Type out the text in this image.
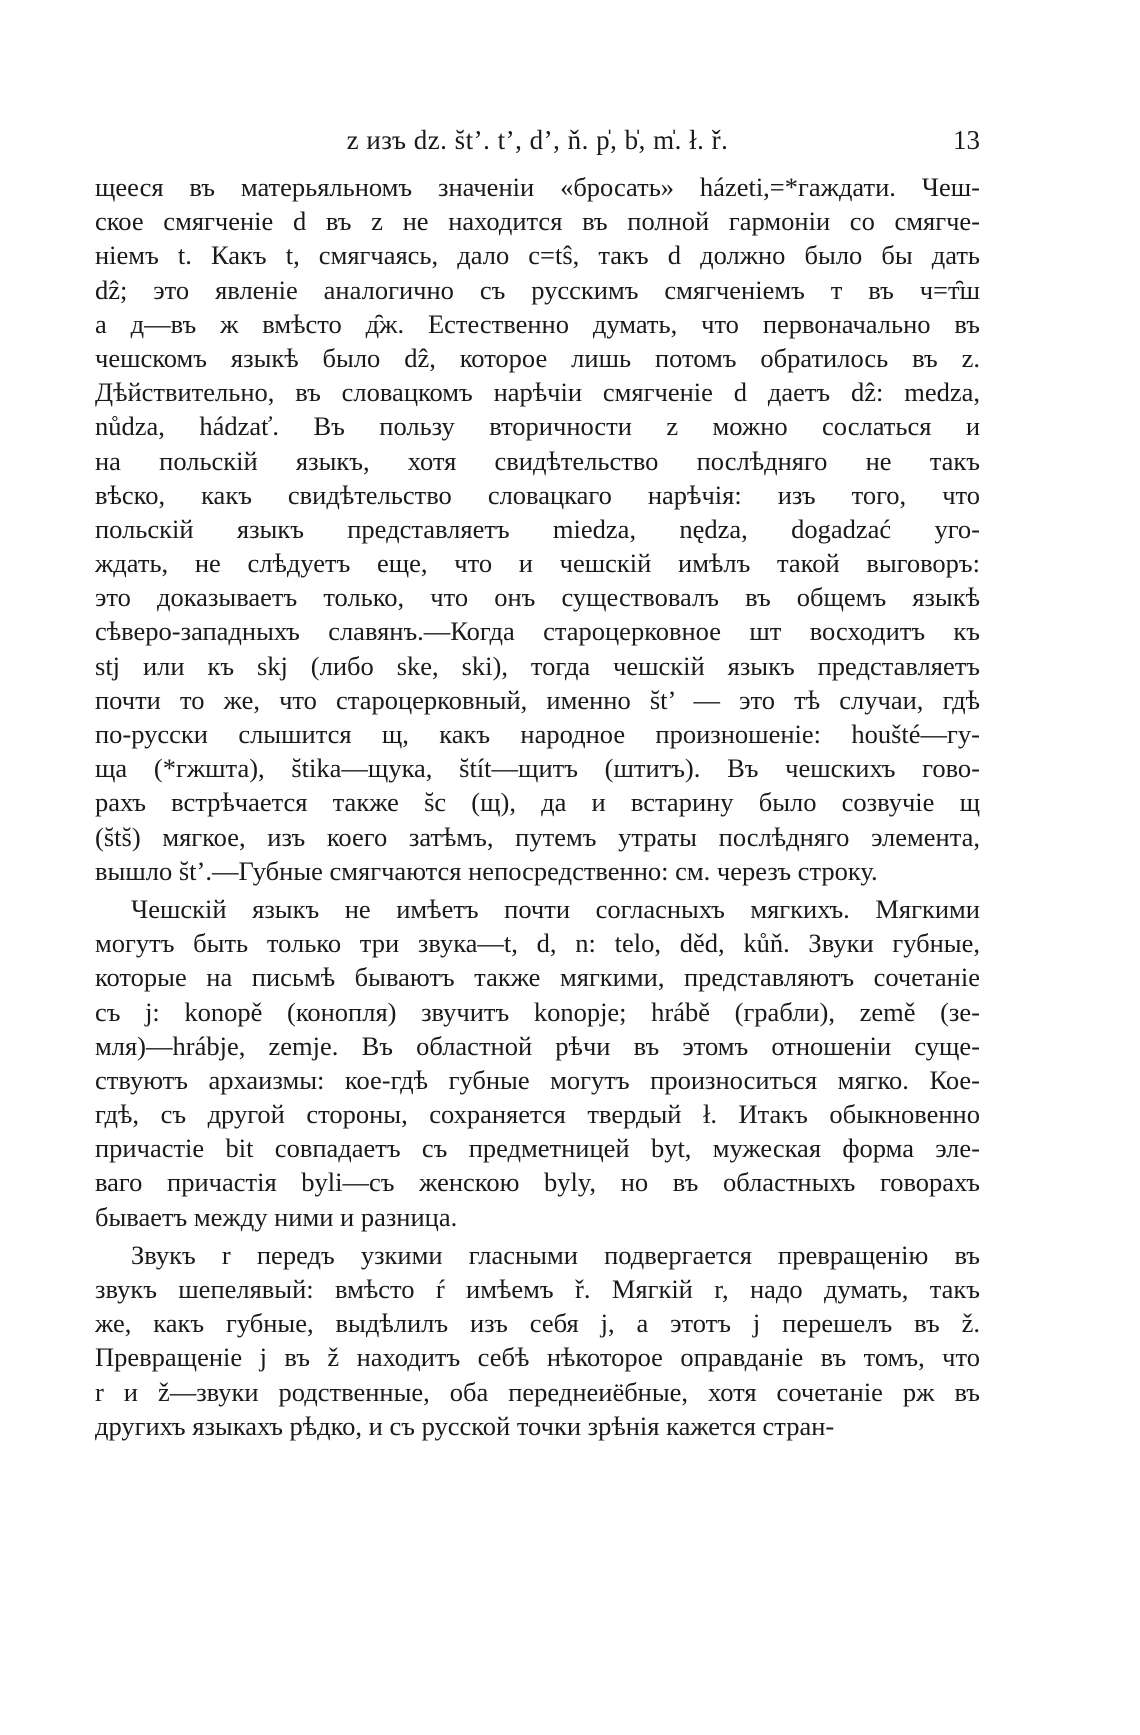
z изъ dz. s̆t’. t’, d’, ň. p̍, b̍, m̍. ł. ř.	13
щееся въ матерьяльномъ значеніи «бросать» házeti,=*гаждати. Чеш-
ское смягченіе d въ z не находится въ полной гармоніи со смягче-
ніемъ t. Какъ t, смягчаясь, дало c=tŝ, такъ d должно было бы дать
dẑ; это явленіе аналогично съ русскимъ смягченіемъ т въ ч=т̑ш
а д—въ ж вмѣсто д̑ж. Естественно думать, что первоначально въ
чешскомъ языкѣ было dẑ, которое лишь потомъ обратилось въ z.
Дѣйствительно, въ словацкомъ нарѣчіи смягченіе d даетъ dẑ: medza,
nůdza, hádzať. Въ пользу вторичности z можно сослаться и
на польскій языкъ, хотя свидѣтельство послѣдняго не такъ
вѣско, какъ свидѣтельство словацкаго нарѣчія: изъ того, что
польскій языкъ представляетъ miedza, nędza, dogadzać уго-
ждать, не слѣдуетъ еще, что и чешскій имѣлъ такой выговоръ:
это доказываетъ только, что онъ существовалъ въ общемъ языкѣ
сѣверо-западныхъ славянъ.—Когда староцерковное шт восходитъ къ
stj или къ skj (либо ske, ski), тогда чешскій языкъ представляетъ
почти то же, что староцерковный, именно s̆t’ — это тѣ случаи, гдѣ
по-русски слышится щ, какъ народное произношеніе: houšté—гу-
ща (*гжшта), s̆tika—щука, s̆tít—щитъ (штитъ). Въ чешскихъ гово-
рахъ встрѣчается также s̆c (щ), да и встарину было созвучіе щ
(s̆ts̆) мягкое, изъ коего затѣмъ, путемъ утраты послѣдняго элемента,
вышло s̆t’.—Губные смягчаются непосредственно: см. черезъ строку.
Чешскій языкъ не имѣетъ почти согласныхъ мягкихъ. Мягкими
могутъ быть только три звука—t, d, n: telo, děd, kůň. Звуки губные,
которые на письмѣ бываютъ также мягкими, представляютъ сочетаніе
съ j: konopě (конопля) звучитъ konopje; hrábě (грабли), země (зе-
мля)—hrábje, zemje. Въ областной рѣчи въ этомъ отношеніи суще-
ствуютъ архаизмы: кое-гдѣ губные могутъ произноситься мягко. Кое-
гдѣ, съ другой стороны, сохраняется твердый ł. Итакъ обыкновенно
причастіе bit совпадаетъ съ предметницей byt, мужеская форма эле-
ваго причастія byli—съ женскою byly, но въ областныхъ говорахъ
бываетъ между ними и разница.
Звукъ r передъ узкими гласными подвергается превращенію въ
звукъ шепелявый: вмѣсто ŕ имѣемъ ř. Мягкій r, надо думать, такъ
же, какъ губные, выдѣлилъ изъ себя j, а этотъ j перешелъ въ ž.
Превращеніе j въ ž находитъ себѣ нѣкоторое оправданіе въ томъ, что
r и ž—звуки родственные, оба переднеиёбные, хотя сочетаніе рж въ
другихъ языкахъ рѣдко, и съ русской точки зрѣнія кажется стран-
